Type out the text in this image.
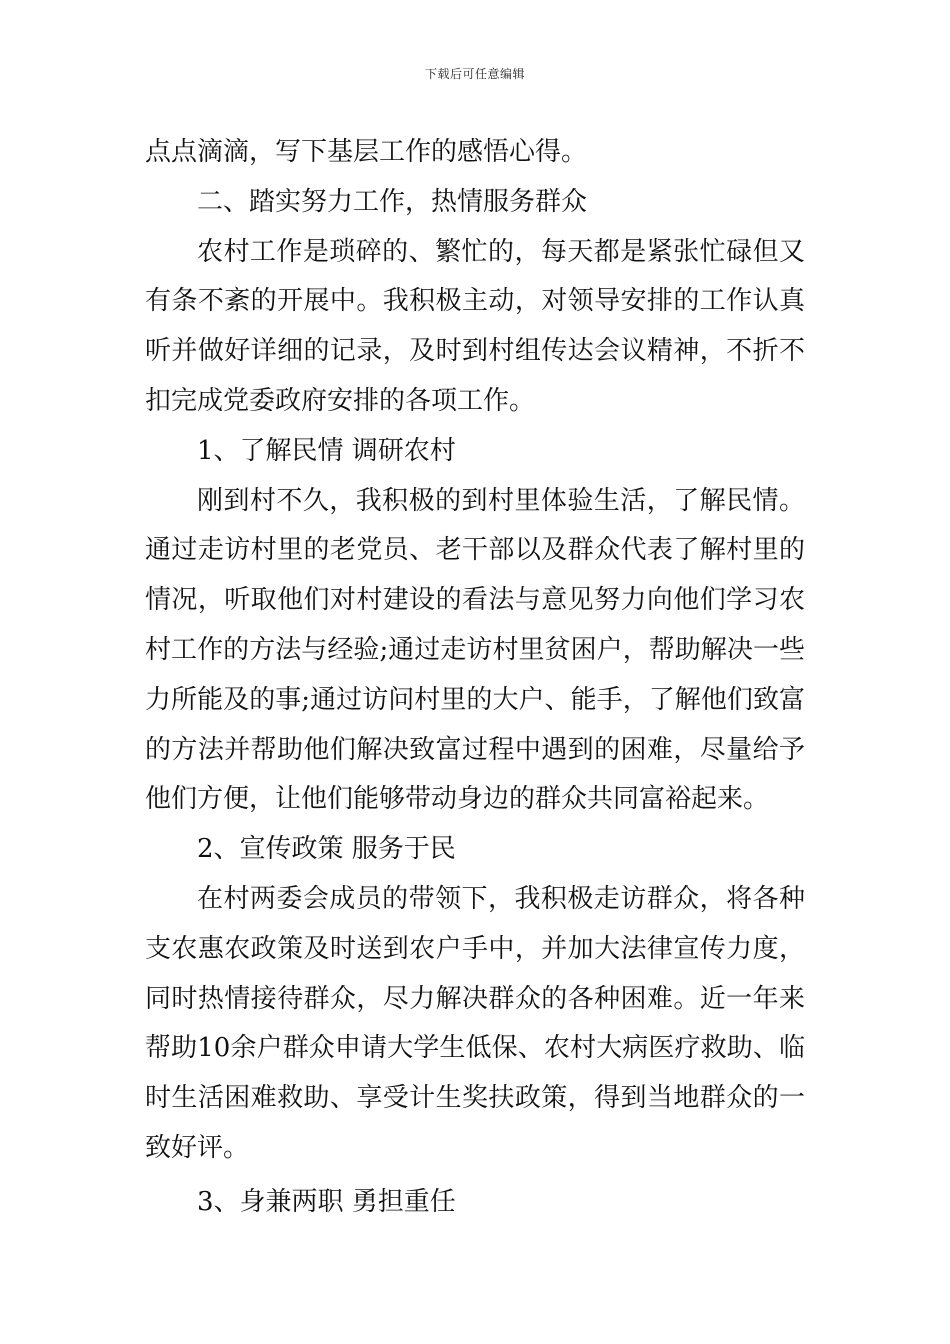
下载后可任意编辑
点点滴滴，写下基层工作的感悟心得。
二、踏实努力工作，热情服务群众
农村工作是琐碎的、繁忙的，每天都是紧张忙碌但又
有条不紊的开展中。我积极主动，对领导安排的工作认真
听并做好详细的记录，及时到村组传达会议精神，不折不
扣完成党委政府安排的各项工作。
1、了解民情 调研农村
刚到村不久，我积极的到村里体验生活，了解民情。
通过走访村里的老党员、老干部以及群众代表了解村里的
情况，听取他们对村建设的看法与意见努力向他们学习农
村工作的方法与经验;通过走访村里贫困户，帮助解决一些
力所能及的事;通过访问村里的大户、能手，了解他们致富
的方法并帮助他们解决致富过程中遇到的困难，尽量给予
他们方便，让他们能够带动身边的群众共同富裕起来。
2、宣传政策 服务于民
在村两委会成员的带领下，我积极走访群众，将各种
支农惠农政策及时送到农户手中，并加大法律宣传力度，
同时热情接待群众，尽力解决群众的各种困难。近一年来
帮助10余户群众申请大学生低保、农村大病医疗救助、临
时生活困难救助、享受计生奖扶政策，得到当地群众的一
致好评。
3、身兼两职 勇担重任
